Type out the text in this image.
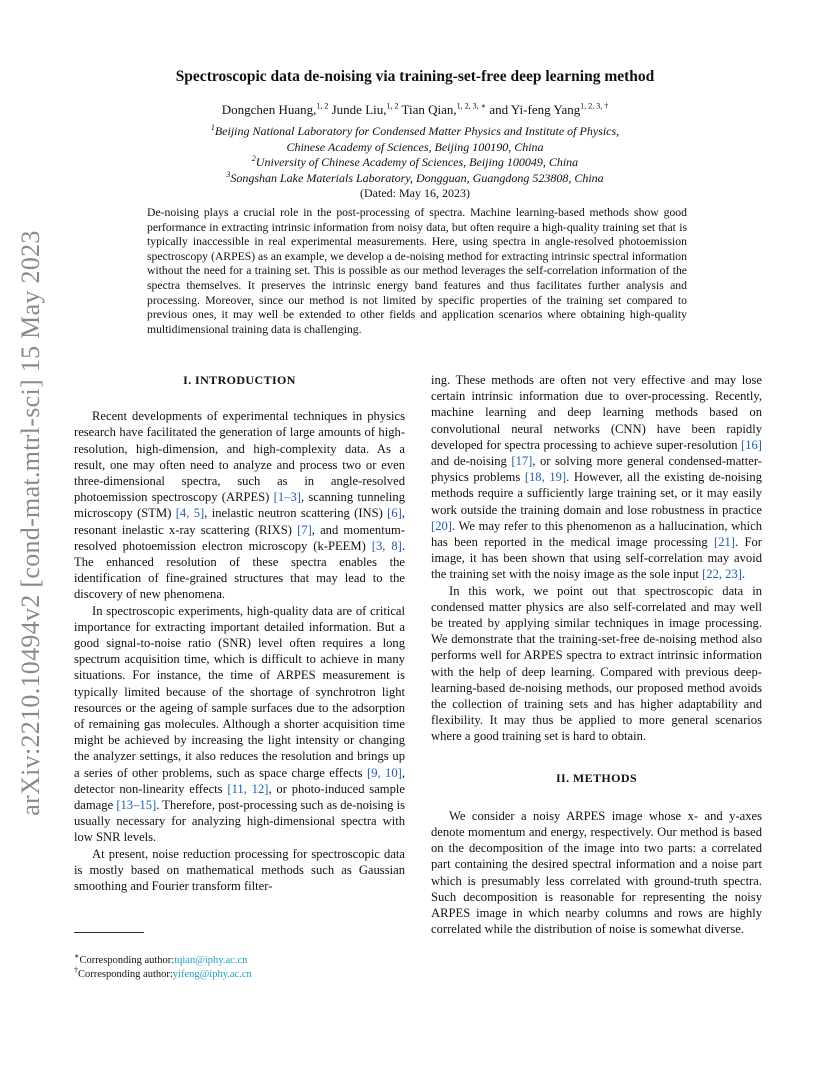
arXiv:2210.10494v2 [cond-mat.mtrl-sci] 15 May 2023
Spectroscopic data de-noising via training-set-free deep learning method
Dongchen Huang,$^{1, 2}$ Junde Liu,$^{1, 2}$ Tian Qian,$^{1, 2, 3, ∗}$ and Yi-feng Yang$^{1, 2, 3, \dagger}$
$^1$Beijing National Laboratory for Condensed Matter Physics and Institute of Physics,
Chinese Academy of Sciences, Beijing 100190, China
$^2$University of Chinese Academy of Sciences, Beijing 100049, China
$^3$Songshan Lake Materials Laboratory, Dongguan, Guangdong 523808, China
(Dated: May 16, 2023)
De-noising plays a crucial role in the post-processing of spectra. Machine learning-based methods show good performance in extracting intrinsic information from noisy data, but often require a high-quality training set that is typically inaccessible in real experimental measurements. Here, using spectra in angle-resolved photoemission spectroscopy (ARPES) as an example, we develop a de-noising method for extracting intrinsic spectral information without the need for a training set. This is possible as our method leverages the self-correlation information of the spectra themselves. It preserves the intrinsic energy band features and thus facilitates further analysis and processing. Moreover, since our method is not limited by specific properties of the training set compared to previous ones, it may well be extended to other fields and application scenarios where obtaining high-quality multidimensional training data is challenging.

I. INTRODUCTION

Recent developments of experimental techniques in physics research have facilitated the generation of large amounts of high-resolution, high-dimension, and high-complexity data. As a result, one may often need to analyze and process two or even three-dimensional spectra, such as in angle-resolved photoemission spectroscopy (ARPES) [1–3], scanning tunneling microscopy (STM) [4, 5], inelastic neutron scattering (INS) [6], resonant inelastic x-ray scattering (RIXS) [7], and momentum-resolved photoemission electron microscopy (k-PEEM) [3, 8]. The enhanced resolution of these spectra enables the identification of fine-grained structures that may lead to the discovery of new phenomena.

In spectroscopic experiments, high-quality data are of critical importance for extracting important detailed information. But a good signal-to-noise ratio (SNR) level often requires a long spectrum acquisition time, which is difficult to achieve in many situations. For instance, the time of ARPES measurement is typically limited because of the shortage of synchrotron light resources or the ageing of sample surfaces due to the adsorption of remaining gas molecules. Although a shorter acquisition time might be achieved by increasing the light intensity or changing the analyzer settings, it also reduces the resolution and brings up a series of other problems, such as space charge effects [9, 10], detector non-linearity effects [11, 12], or photo-induced sample damage [13–15]. Therefore, post-processing such as de-noising is usually necessary for analyzing high-dimensional spectra with low SNR levels.

At present, noise reduction processing for spectroscopic data is mostly based on mathematical methods such as Gaussian smoothing and Fourier transform filter-

ing. These methods are often not very effective and may lose certain intrinsic information due to over-processing. Recently, machine learning and deep learning methods based on convolutional neural networks (CNN) have been rapidly developed for spectra processing to achieve super-resolution [16] and de-noising [17], or solving more general condensed-matter-physics problems [18, 19]. However, all the existing de-noising methods require a sufficiently large training set, or it may easily work outside the training domain and lose robustness in practice [20]. We may refer to this phenomenon as a hallucination, which has been reported in the medical image processing [21]. For image, it has been shown that using self-correlation may avoid the training set with the noisy image as the sole input [22, 23].

In this work, we point out that spectroscopic data in condensed matter physics are also self-correlated and may well be treated by applying similar techniques in image processing. We demonstrate that the training-set-free de-noising method also performs well for ARPES spectra to extract intrinsic information with the help of deep learning. Compared with previous deep-learning-based de-noising methods, our proposed method avoids the collection of training sets and has higher adaptability and flexibility. It may thus be applied to more general scenarios where a good training set is hard to obtain.

II. METHODS

We consider a noisy ARPES image whose x- and y-axes denote momentum and energy, respectively. Our method is based on the decomposition of the image into two parts: a correlated part containing the desired spectral information and a noise part which is presumably less correlated with ground-truth spectra. Such decomposition is reasonable for representing the noisy ARPES image in which nearby columns and rows are highly correlated while the distribution of noise is somewhat diverse.

∗Corresponding author:tqian@iphy.ac.cn
†Corresponding author:yifeng@iphy.ac.cn
